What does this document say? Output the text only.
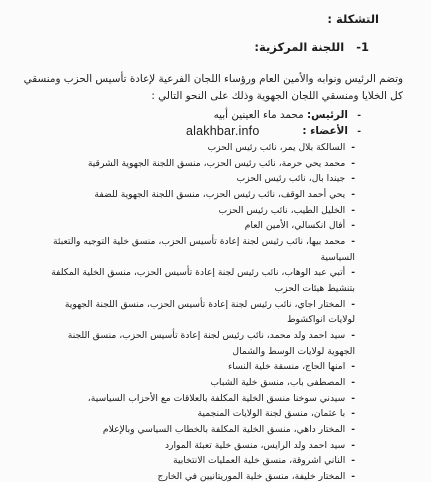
التشكلة :
1- اللجنة المركزية:
وتضم الرئيس ونوابه والأمين العام ورؤساء اللجان الفرعية لإعادة تأسيس الحزب ومنسقي
كل الخلايا ومنسقي اللجان الجهوية وذلك على النحو التالي :
- الرئيس: محمد ماء العينين أبيه
- الأعضاء :
alakhbar.info
-السالكة بلال يمر، نائب رئيس الحزب
-محمد يحي حرمة، نائب رئيس الحزب، منسق اللجنة الجهوية الشرقية
-جيندا بال، نائب رئيس الحزب
-يحي أحمد الوقف، نائب رئيس الحزب، منسق اللجنة الجهوية للضفة
-الخليل الطيب، نائب رئيس الحزب
-أفال انكسالي، الأمين العام
-محمد بيها، نائب رئيس لجنة إعادة تأسيس الحزب، منسق خلية التوجيه والتعبئة
السياسية
-أتبي عبد الوهاب، نائب رئيس لجنة إعادة تأسيس الحزب، منسق الخلية المكلفة
بتنشيط هيئات الحزب
-المختار اجاي، نائب رئيس لجنة إعادة تأسيس الحزب، منسق اللجنة الجهوية
لولايات انواكشوط
-سيد احمد ولد محمد، نائب رئيس لجنة إعادة تأسيس الحزب، منسق اللجنة
الجهوية لولايات الوسط والشمال
-امنها الحاج، منسقة خلية النساء
-المصطفى باب، منسق خلية الشباب
-سيدني سوخنا منسق الخلية المكلفة بالعلاقات مع الأحزاب السياسية،
-با عثمان، منسق لجنة الولايات المنجمية
-المختار داهي، منسق الخلية المكلفة بالخطاب السياسي وبالإعلام
-سيد احمد ولد الرايس، منسق خلية تعبئة الموارد
-الناني اشروقة، منسق خلية العمليات الانتخابية
-المختار خليفة، منسق خلية الموريتانيين في الخارج
